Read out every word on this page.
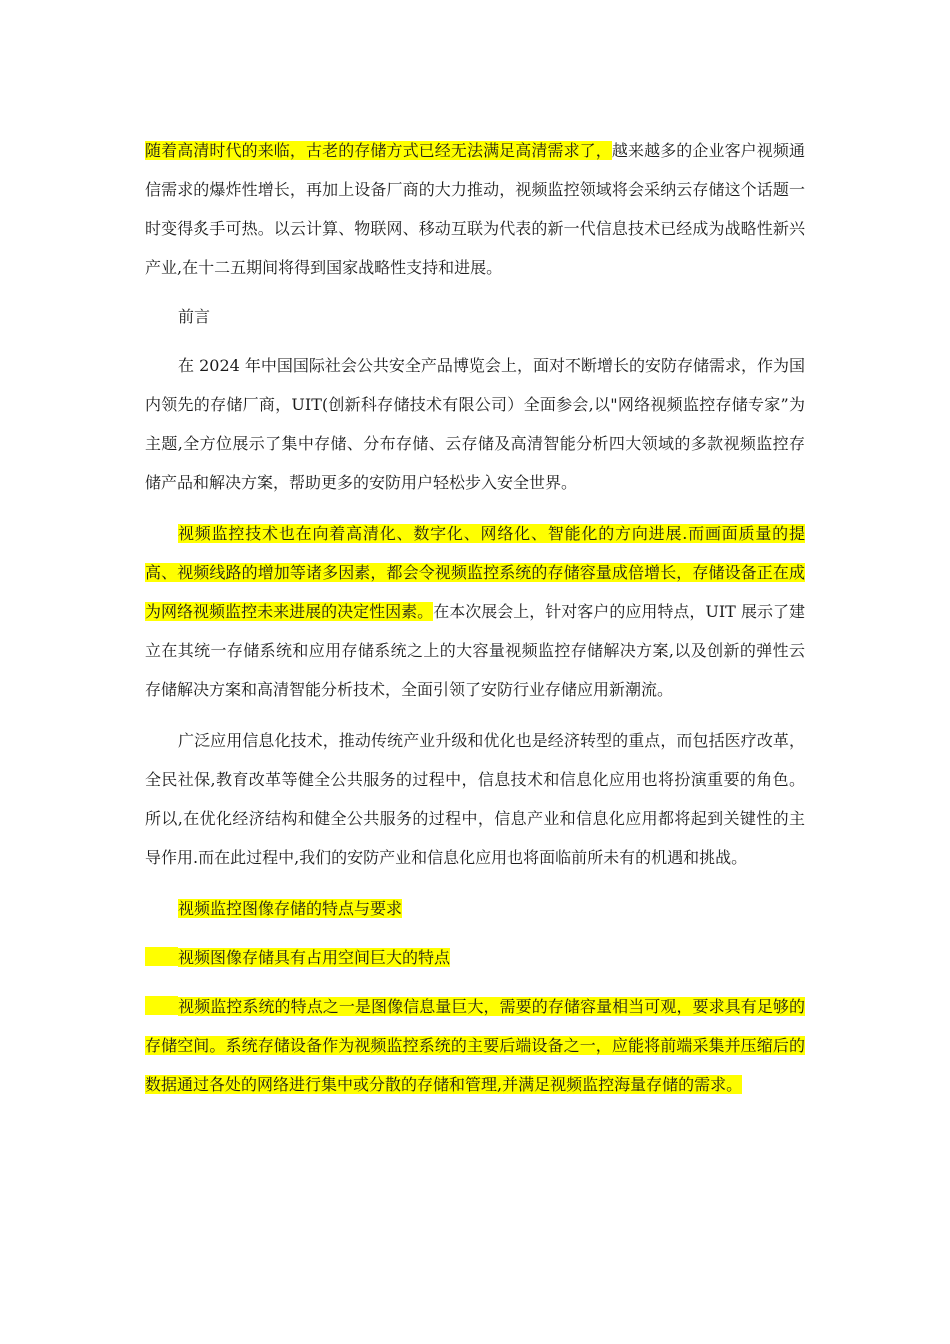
随着高清时代的来临，古老的存储方式已经无法满足高清需求了，越来越多的企业客户视频通信需求的爆炸性增长，再加上设备厂商的大力推动，视频监控领域将会采纳云存储这个话题一时变得炙手可热。以云计算、物联网、移动互联为代表的新一代信息技术已经成为战略性新兴产业,在十二五期间将得到国家战略性支持和进展。

前言

在 2024 年中国国际社会公共安全产品博览会上，面对不断增长的安防存储需求，作为国内领先的存储厂商，UIT(创新科存储技术有限公司）全面参会,以"网络视频监控存储专家”为主题,全方位展示了集中存储、分布存储、云存储及高清智能分析四大领域的多款视频监控存储产品和解决方案，帮助更多的安防用户轻松步入安全世界。

视频监控技术也在向着高清化、数字化、网络化、智能化的方向进展.而画面质量的提高、视频线路的增加等诸多因素，都会令视频监控系统的存储容量成倍增长，存储设备正在成为网络视频监控未来进展的决定性因素。在本次展会上，针对客户的应用特点，UIT 展示了建立在其统一存储系统和应用存储系统之上的大容量视频监控存储解决方案,以及创新的弹性云存储解决方案和高清智能分析技术，全面引领了安防行业存储应用新潮流。

广泛应用信息化技术，推动传统产业升级和优化也是经济转型的重点，而包括医疗改革，全民社保,教育改革等健全公共服务的过程中，信息技术和信息化应用也将扮演重要的角色。所以,在优化经济结构和健全公共服务的过程中，信息产业和信息化应用都将起到关键性的主导作用.而在此过程中,我们的安防产业和信息化应用也将面临前所未有的机遇和挑战。

视频监控图像存储的特点与要求

视频图像存储具有占用空间巨大的特点

视频监控系统的特点之一是图像信息量巨大，需要的存储容量相当可观，要求具有足够的存储空间。系统存储设备作为视频监控系统的主要后端设备之一，应能将前端采集并压缩后的数据通过各处的网络进行集中或分散的存储和管理,并满足视频监控海量存储的需求。
